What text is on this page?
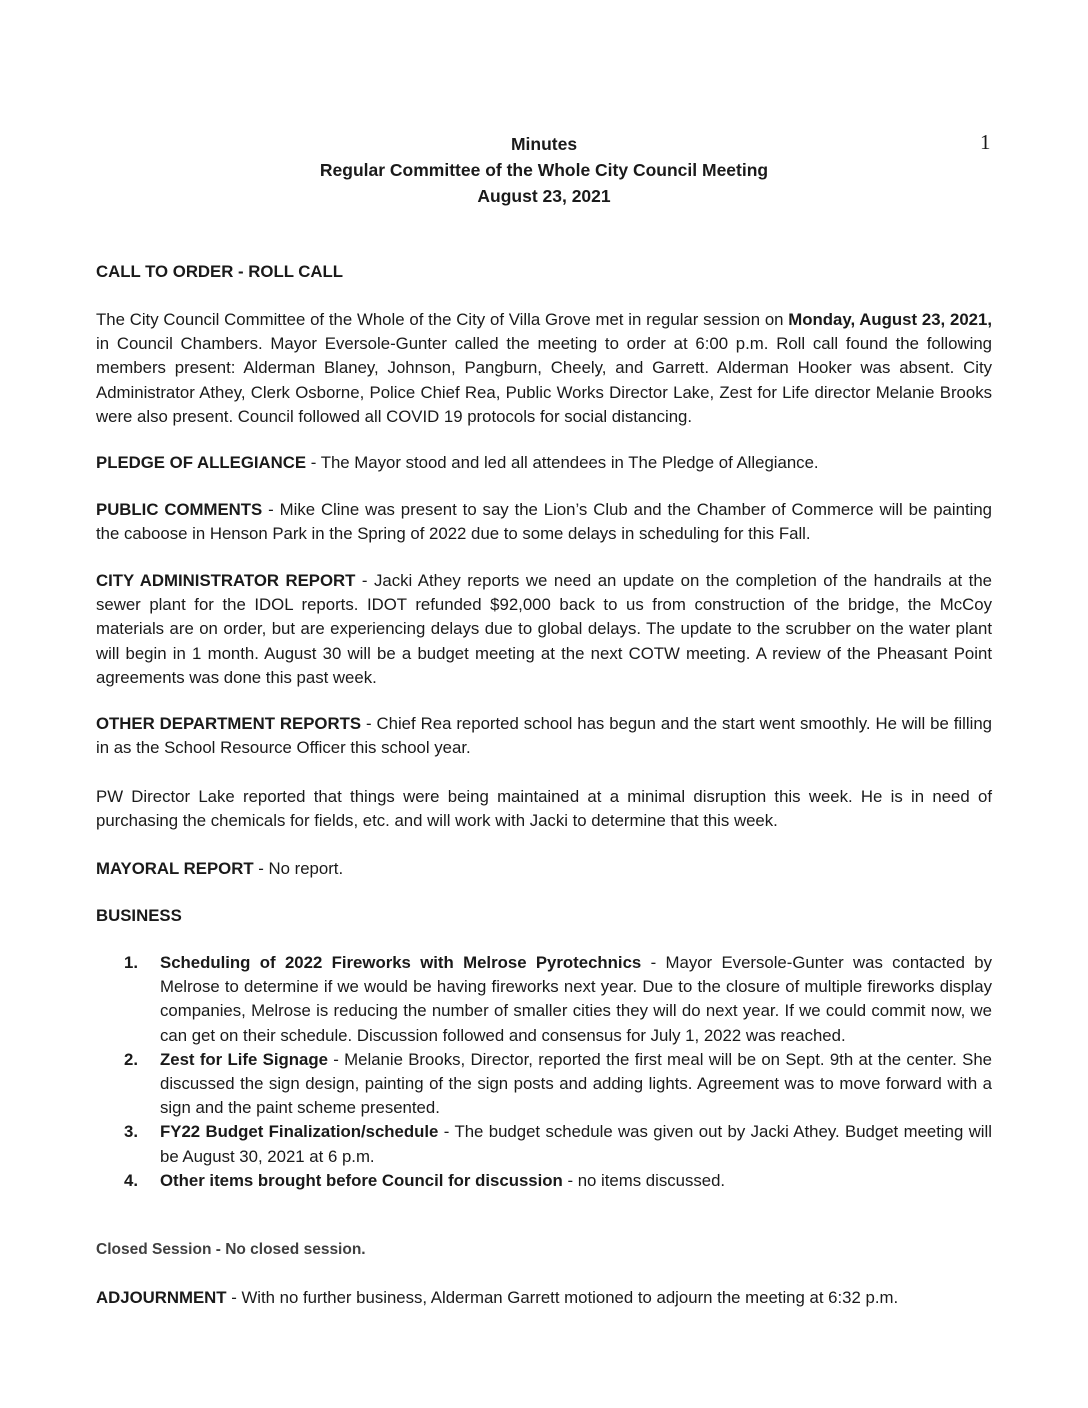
1
Minutes
Regular Committee of the Whole City Council Meeting
August 23, 2021
CALL TO ORDER - ROLL CALL
The City Council Committee of the Whole of the City of Villa Grove met in regular session on Monday, August 23, 2021, in Council Chambers. Mayor Eversole-Gunter called the meeting to order at 6:00 p.m. Roll call found the following members present: Alderman Blaney, Johnson, Pangburn, Cheely, and Garrett. Alderman Hooker was absent. City Administrator Athey, Clerk Osborne, Police Chief Rea, Public Works Director Lake, Zest for Life director Melanie Brooks were also present. Council followed all COVID 19 protocols for social distancing.
PLEDGE OF ALLEGIANCE - The Mayor stood and led all attendees in The Pledge of Allegiance.
PUBLIC COMMENTS - Mike Cline was present to say the Lion’s Club and the Chamber of Commerce will be painting the caboose in Henson Park in the Spring of 2022 due to some delays in scheduling for this Fall.
CITY ADMINISTRATOR REPORT - Jacki Athey reports we need an update on the completion of the handrails at the sewer plant for the IDOL reports. IDOT refunded $92,000 back to us from construction of the bridge, the McCoy materials are on order, but are experiencing delays due to global delays. The update to the scrubber on the water plant will begin in 1 month. August 30 will be a budget meeting at the next COTW meeting. A review of the Pheasant Point agreements was done this past week.
OTHER DEPARTMENT REPORTS - Chief Rea reported school has begun and the start went smoothly. He will be filling in as the School Resource Officer this school year.
PW Director Lake reported that things were being maintained at a minimal disruption this week. He is in need of purchasing the chemicals for fields, etc. and will work with Jacki to determine that this week.
MAYORAL REPORT - No report.
BUSINESS
1. Scheduling of 2022 Fireworks with Melrose Pyrotechnics - Mayor Eversole-Gunter was contacted by Melrose to determine if we would be having fireworks next year. Due to the closure of multiple fireworks display companies, Melrose is reducing the number of smaller cities they will do next year. If we could commit now, we can get on their schedule. Discussion followed and consensus for July 1, 2022 was reached.
2. Zest for Life Signage - Melanie Brooks, Director, reported the first meal will be on Sept. 9th at the center. She discussed the sign design, painting of the sign posts and adding lights. Agreement was to move forward with a sign and the paint scheme presented.
3. FY22 Budget Finalization/schedule - The budget schedule was given out by Jacki Athey. Budget meeting will be August 30, 2021 at 6 p.m.
4. Other items brought before Council for discussion - no items discussed.
Closed Session - No closed session.
ADJOURNMENT - With no further business, Alderman Garrett motioned to adjourn the meeting at 6:32 p.m.
